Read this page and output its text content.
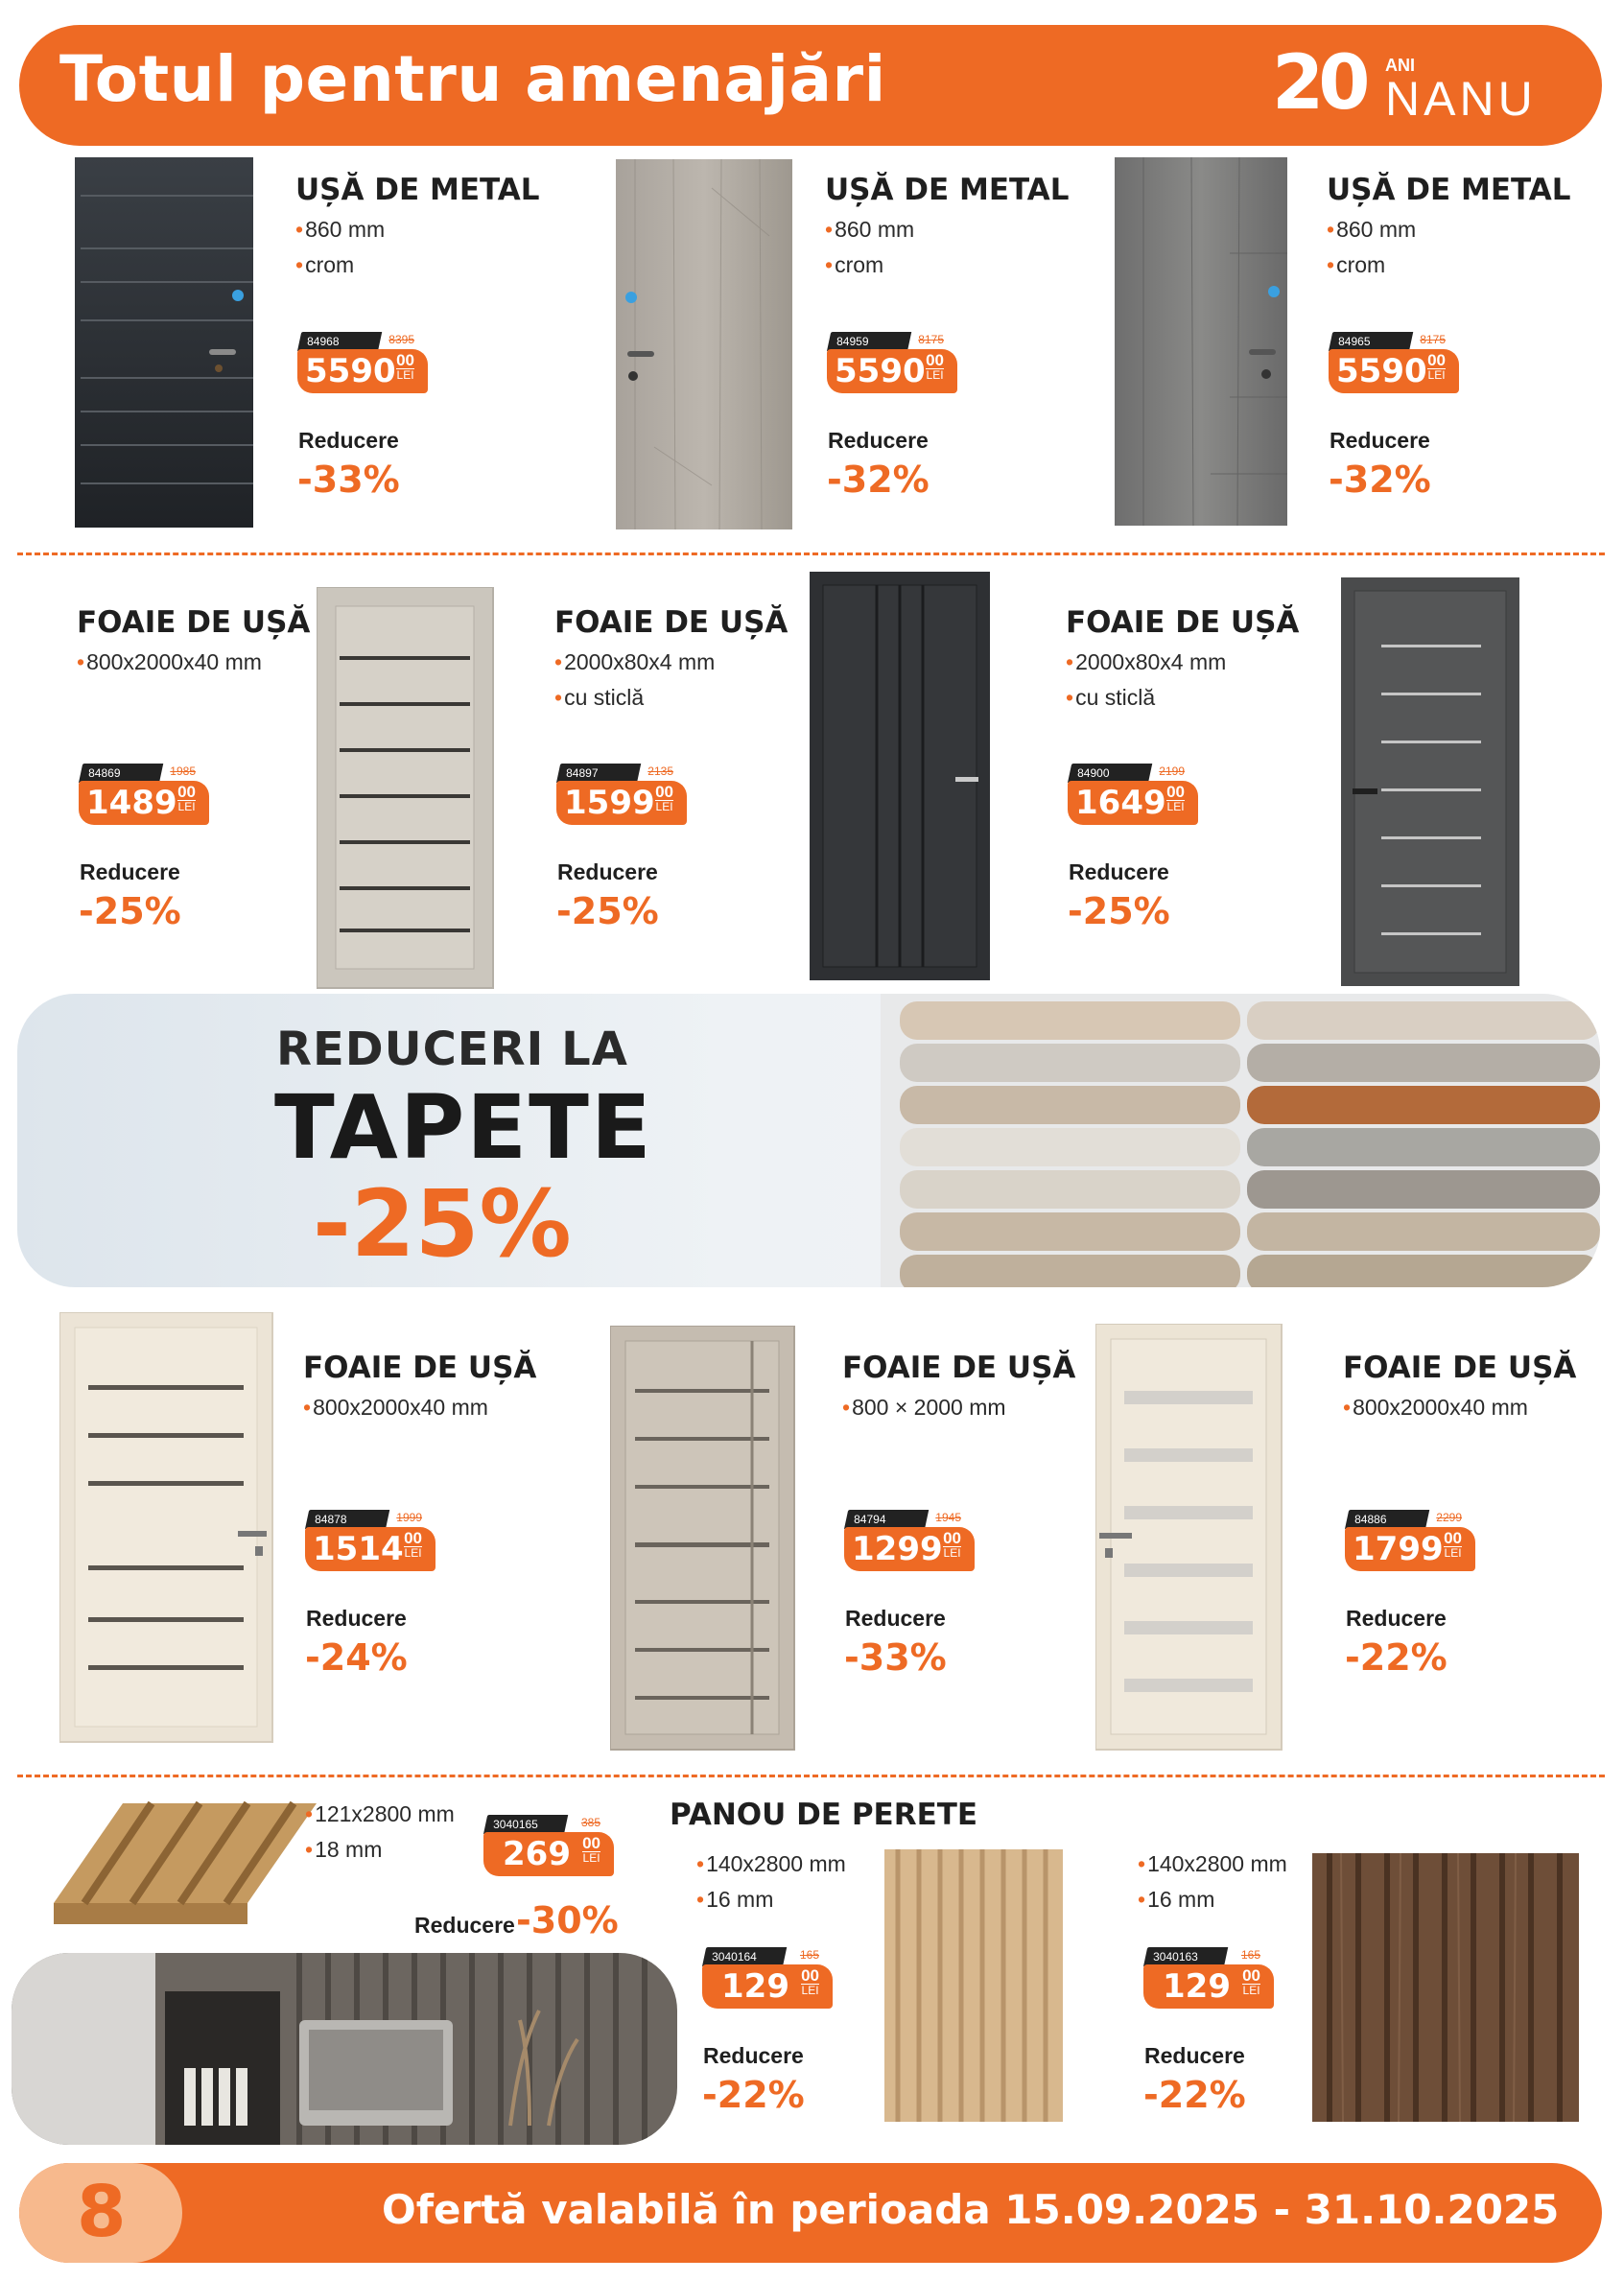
Totul pentru amenajări	20 ANI
NANU
UȘĂ DE METAL
• 860 mm
• crom
84968	8395
5590 00
LEI
Reducere
-33%
UȘĂ DE METAL
• 860 mm
• crom
84959	8175
5590 00
LEI
Reducere
-32%
UȘĂ DE METAL
• 860 mm
• crom
84965	8175
5590 00
LEI
Reducere
-32%
FOAIE DE UȘĂ
• 800x2000x40 mm
84869	1985
1489 00
LEI
Reducere
-25%
FOAIE DE UȘĂ
• 2000x80x4 mm
• cu sticlă
84897	2135
1599 00
LEI
Reducere
-25%
FOAIE DE UȘĂ
• 2000x80x4 mm
• cu sticlă
84900	2199
1649 00
LEI
Reducere
-25%
REDUCERI LA
TAPETE
-25%
FOAIE DE UȘĂ
• 800x2000x40 mm
84878	1999
1514 00
LEI
Reducere
-24%
FOAIE DE UȘĂ
• 800 × 2000 mm
84794	1945
1299 00
LEI
Reducere
-33%
FOAIE DE UȘĂ
• 800x2000x40 mm
84886	2299
1799 00
LEI
Reducere
-22%
• 121x2800 mm
• 18 mm
3040165	385
269 00
LEI
Reducere -30%
PANOU DE PERETE
• 140x2800 mm
• 16 mm
3040164	165
129 00
LEI
Reducere
-22%
• 140x2800 mm
• 16 mm
3040163	165
129 00
LEI
Reducere
-22%
8	Ofertă valabilă în perioada 15.09.2025 - 31.10.2025
